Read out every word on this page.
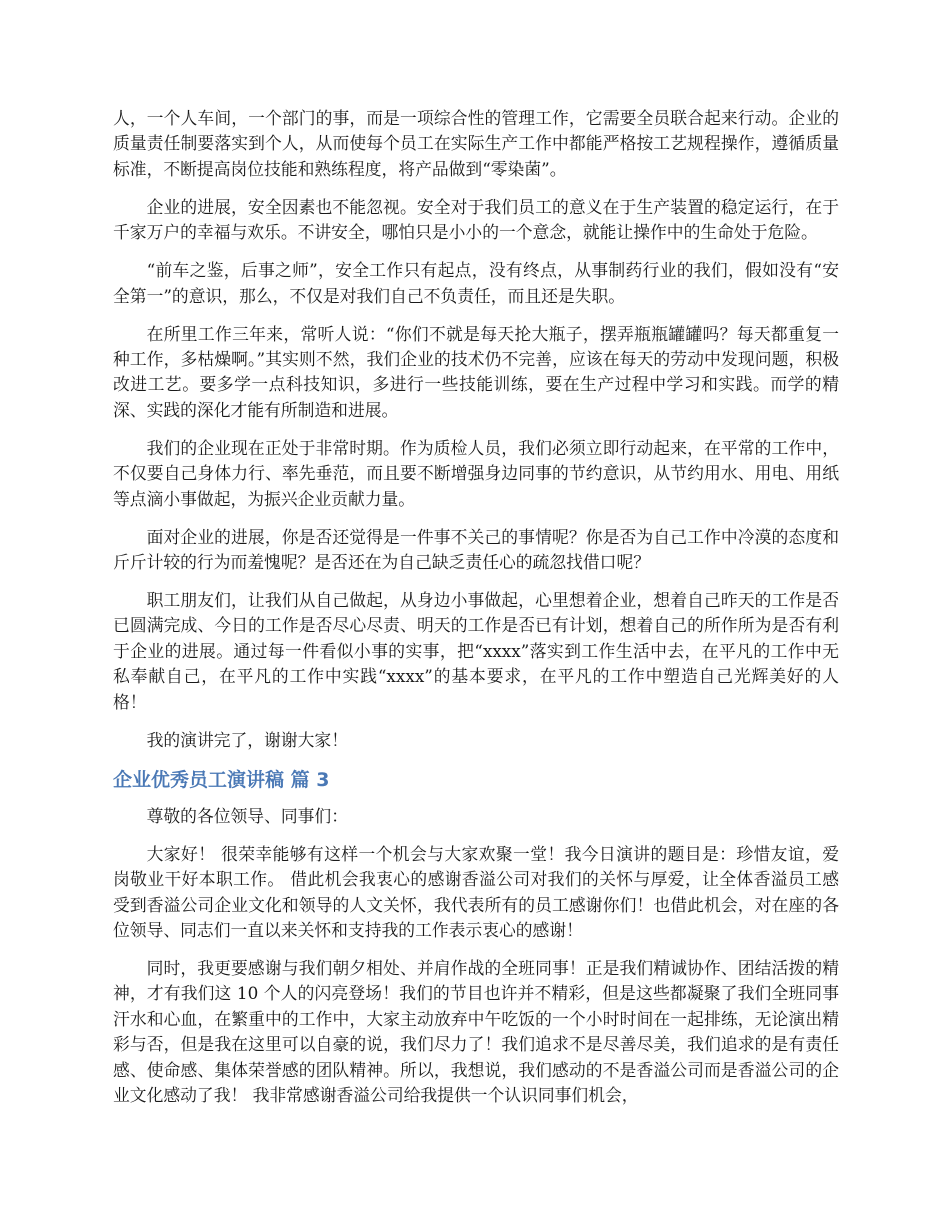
人，一个人车间，一个部门的事，而是一项综合性的管理工作，它需要全员联合起来行动。企业的质量责任制要落实到个人，从而使每个员工在实际生产工作中都能严格按工艺规程操作，遵循质量标准，不断提高岗位技能和熟练程度，将产品做到“零染菌”。

企业的进展，安全因素也不能忽视。安全对于我们员工的意义在于生产装置的稳定运行，在于千家万户的幸福与欢乐。不讲安全，哪怕只是小小的一个意念，就能让操作中的生命处于危险。

“前车之鉴，后事之师”，安全工作只有起点，没有终点，从事制药行业的我们，假如没有“安全第一”的意识，那么，不仅是对我们自己不负责任，而且还是失职。

在所里工作三年来，常听人说：“你们不就是每天抡大瓶子，摆弄瓶瓶罐罐吗？每天都重复一种工作，多枯燥啊。”其实则不然，我们企业的技术仍不完善，应该在每天的劳动中发现问题，积极改进工艺。要多学一点科技知识，多进行一些技能训练，要在生产过程中学习和实践。而学的精深、实践的深化才能有所制造和进展。

我们的企业现在正处于非常时期。作为质检人员，我们必须立即行动起来，在平常的工作中，不仅要自己身体力行、率先垂范，而且要不断增强身边同事的节约意识，从节约用水、用电、用纸等点滴小事做起，为振兴企业贡献力量。

面对企业的进展，你是否还觉得是一件事不关己的事情呢？你是否为自己工作中冷漠的态度和斤斤计较的行为而羞愧呢？是否还在为自己缺乏责任心的疏忽找借口呢？

职工朋友们，让我们从自己做起，从身边小事做起，心里想着企业，想着自己昨天的工作是否已圆满完成、今日的工作是否尽心尽责、明天的工作是否已有计划，想着自己的所作所为是否有利于企业的进展。通过每一件看似小事的实事，把“xxxx”落实到工作生活中去，在平凡的工作中无私奉献自己，在平凡的工作中实践“xxxx”的基本要求，在平凡的工作中塑造自己光辉美好的人格！

我的演讲完了，谢谢大家！

企业优秀员工演讲稿 篇 3

尊敬的各位领导、同事们：

大家好！ 很荣幸能够有这样一个机会与大家欢聚一堂！我今日演讲的题目是：珍惜友谊，爱岗敬业干好本职工作。 借此机会我衷心的感谢香溢公司对我们的关怀与厚爱，让全体香溢员工感受到香溢公司企业文化和领导的人文关怀，我代表所有的员工感谢你们！也借此机会，对在座的各位领导、同志们一直以来关怀和支持我的工作表示衷心的感谢！

同时，我更要感谢与我们朝夕相处、并肩作战的全班同事！正是我们精诚协作、团结活拨的精神，才有我们这 10 个人的闪亮登场！我们的节目也许并不精彩，但是这些都凝聚了我们全班同事汗水和心血，在繁重中的工作中，大家主动放弃中午吃饭的一个小时时间在一起排练，无论演出精彩与否，但是我在这里可以自豪的说，我们尽力了！我们追求不是尽善尽美，我们追求的是有责任感、使命感、集体荣誉感的团队精神。所以，我想说，我们感动的不是香溢公司而是香溢公司的企业文化感动了我！ 我非常感谢香溢公司给我提供一个认识同事们机会，
